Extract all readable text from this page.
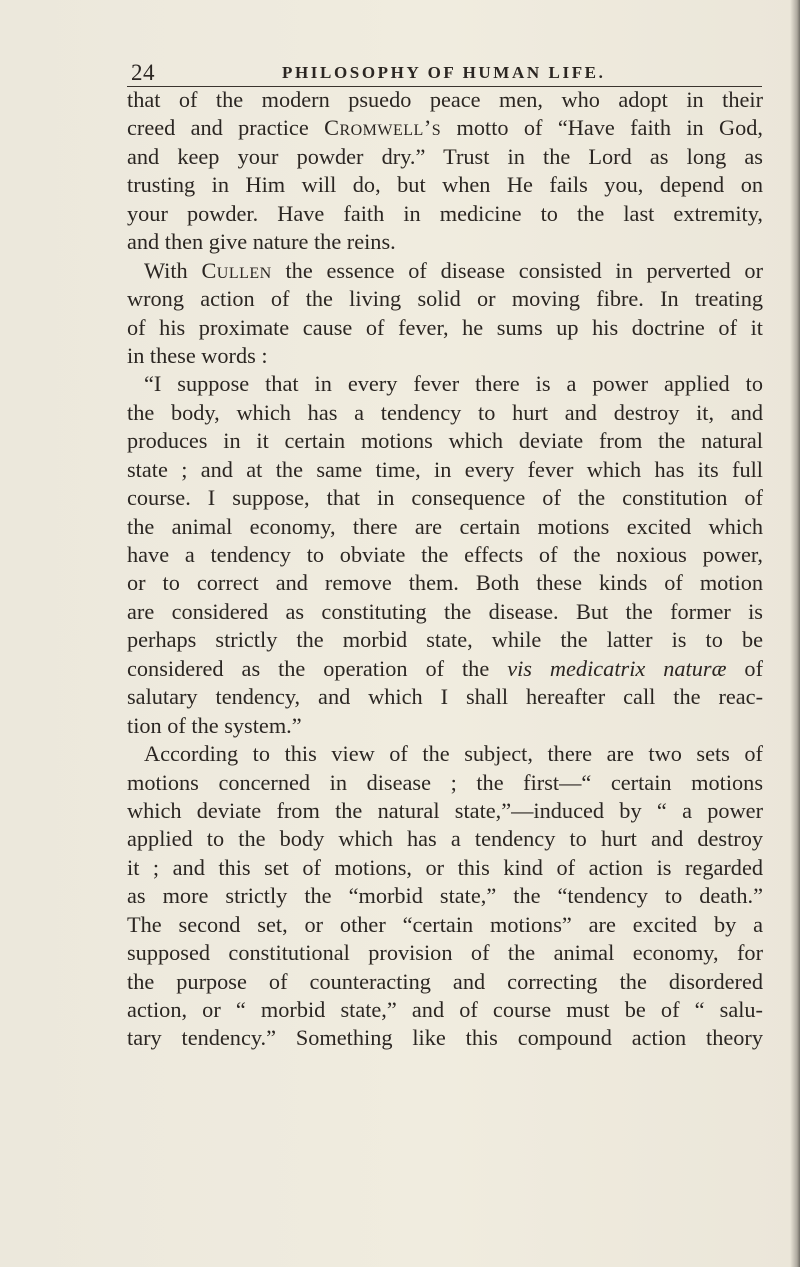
24	PHILOSOPHY OF HUMAN LIFE.
that of the modern psuedo peace men, who adopt in their
creed and practice Cromwell’s motto of “Have faith in God,
and keep your powder dry.” Trust in the Lord as long as
trusting in Him will do, but when He fails you, depend on
your powder. Have faith in medicine to the last extremity,
and then give nature the reins.
With Cullen the essence of disease consisted in perverted or
wrong action of the living solid or moving fibre. In treating
of his proximate cause of fever, he sums up his doctrine of it
in these words :
“I suppose that in every fever there is a power applied to
the body, which has a tendency to hurt and destroy it, and
produces in it certain motions which deviate from the natural
state ; and at the same time, in every fever which has its full
course. I suppose, that in consequence of the constitution of
the animal economy, there are certain motions excited which
have a tendency to obviate the effects of the noxious power,
or to correct and remove them. Both these kinds of motion
are considered as constituting the disease. But the former is
perhaps strictly the morbid state, while the latter is to be
considered as the operation of the vis medicatrix naturæ of
salutary tendency, and which I shall hereafter call the reac-
tion of the system.”
According to this view of the subject, there are two sets of
motions concerned in disease ; the first—“ certain motions
which deviate from the natural state,”—induced by “ a power
applied to the body which has a tendency to hurt and destroy
it ; and this set of motions, or this kind of action is regarded
as more strictly the “morbid state,” the “tendency to death.”
The second set, or other “certain motions” are excited by a
supposed constitutional provision of the animal economy, for
the purpose of counteracting and correcting the disordered
action, or “ morbid state,” and of course must be of “ salu-
tary tendency.” Something like this compound action theory
